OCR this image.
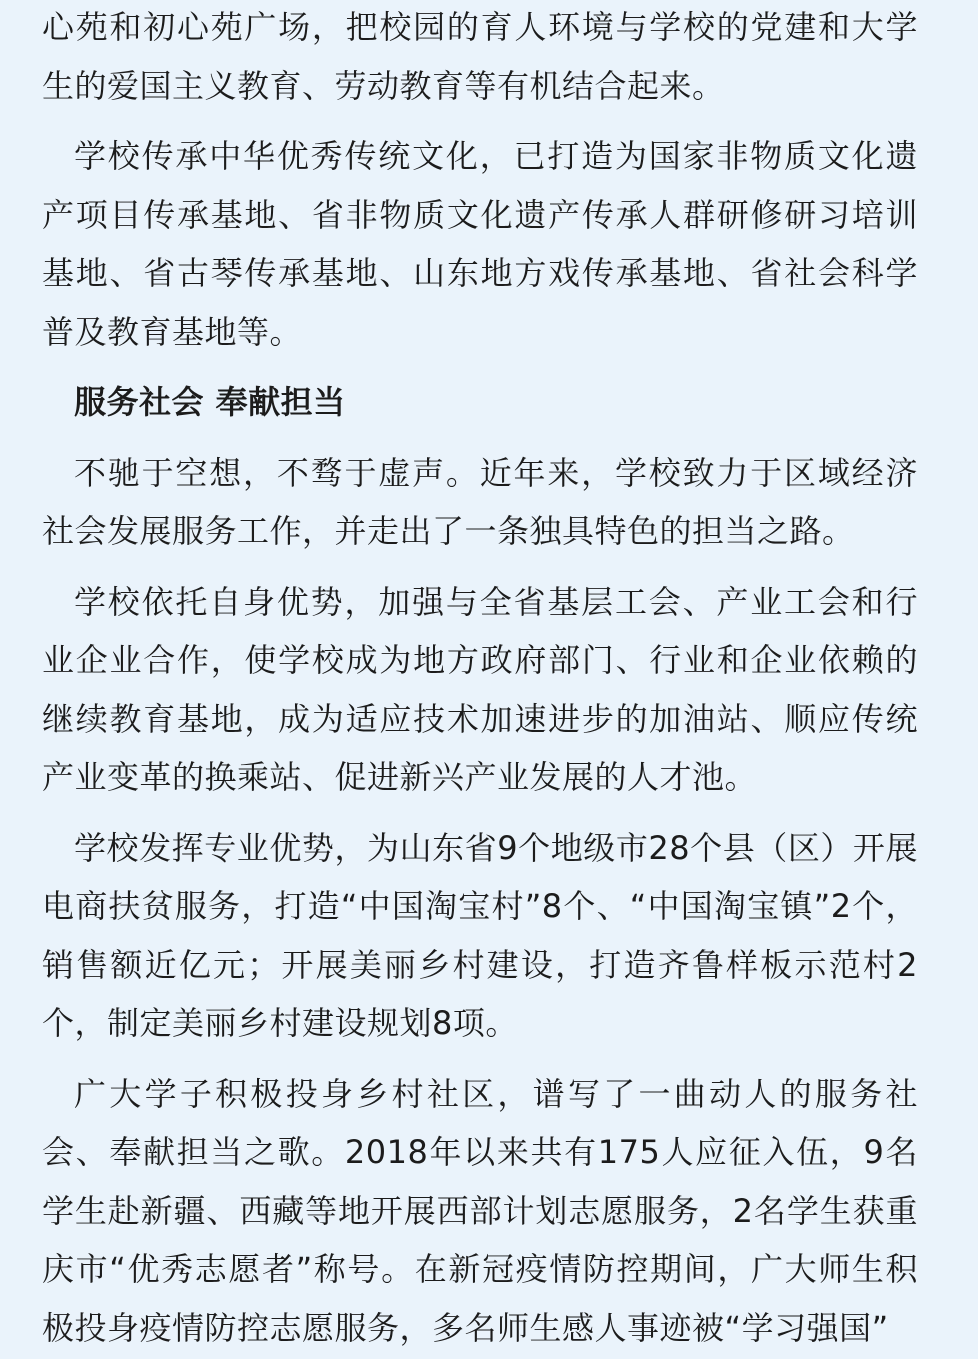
心苑和初心苑广场，把校园的育人环境与学校的党建和大学生的爱国主义教育、劳动教育等有机结合起来。

学校传承中华优秀传统文化，已打造为国家非物质文化遗产项目传承基地、省非物质文化遗产传承人群研修研习培训基地、省古琴传承基地、山东地方戏传承基地、省社会科学普及教育基地等。

服务社会 奉献担当

不驰于空想，不骛于虚声。近年来，学校致力于区域经济社会发展服务工作，并走出了一条独具特色的担当之路。

学校依托自身优势，加强与全省基层工会、产业工会和行业企业合作，使学校成为地方政府部门、行业和企业依赖的继续教育基地，成为适应技术加速进步的加油站、顺应传统产业变革的换乘站、促进新兴产业发展的人才池。

学校发挥专业优势，为山东省9个地级市28个县（区）开展电商扶贫服务，打造“中国淘宝村”8个、“中国淘宝镇”2个，销售额近亿元；开展美丽乡村建设，打造齐鲁样板示范村2个，制定美丽乡村建设规划8项。

广大学子积极投身乡村社区，谱写了一曲动人的服务社会、奉献担当之歌。2018年以来共有175人应征入伍，9名学生赴新疆、西藏等地开展西部计划志愿服务，2名学生获重庆市“优秀志愿者”称号。在新冠疫情防控期间，广大师生积极投身疫情防控志愿服务，多名师生感人事迹被“学习强国”
